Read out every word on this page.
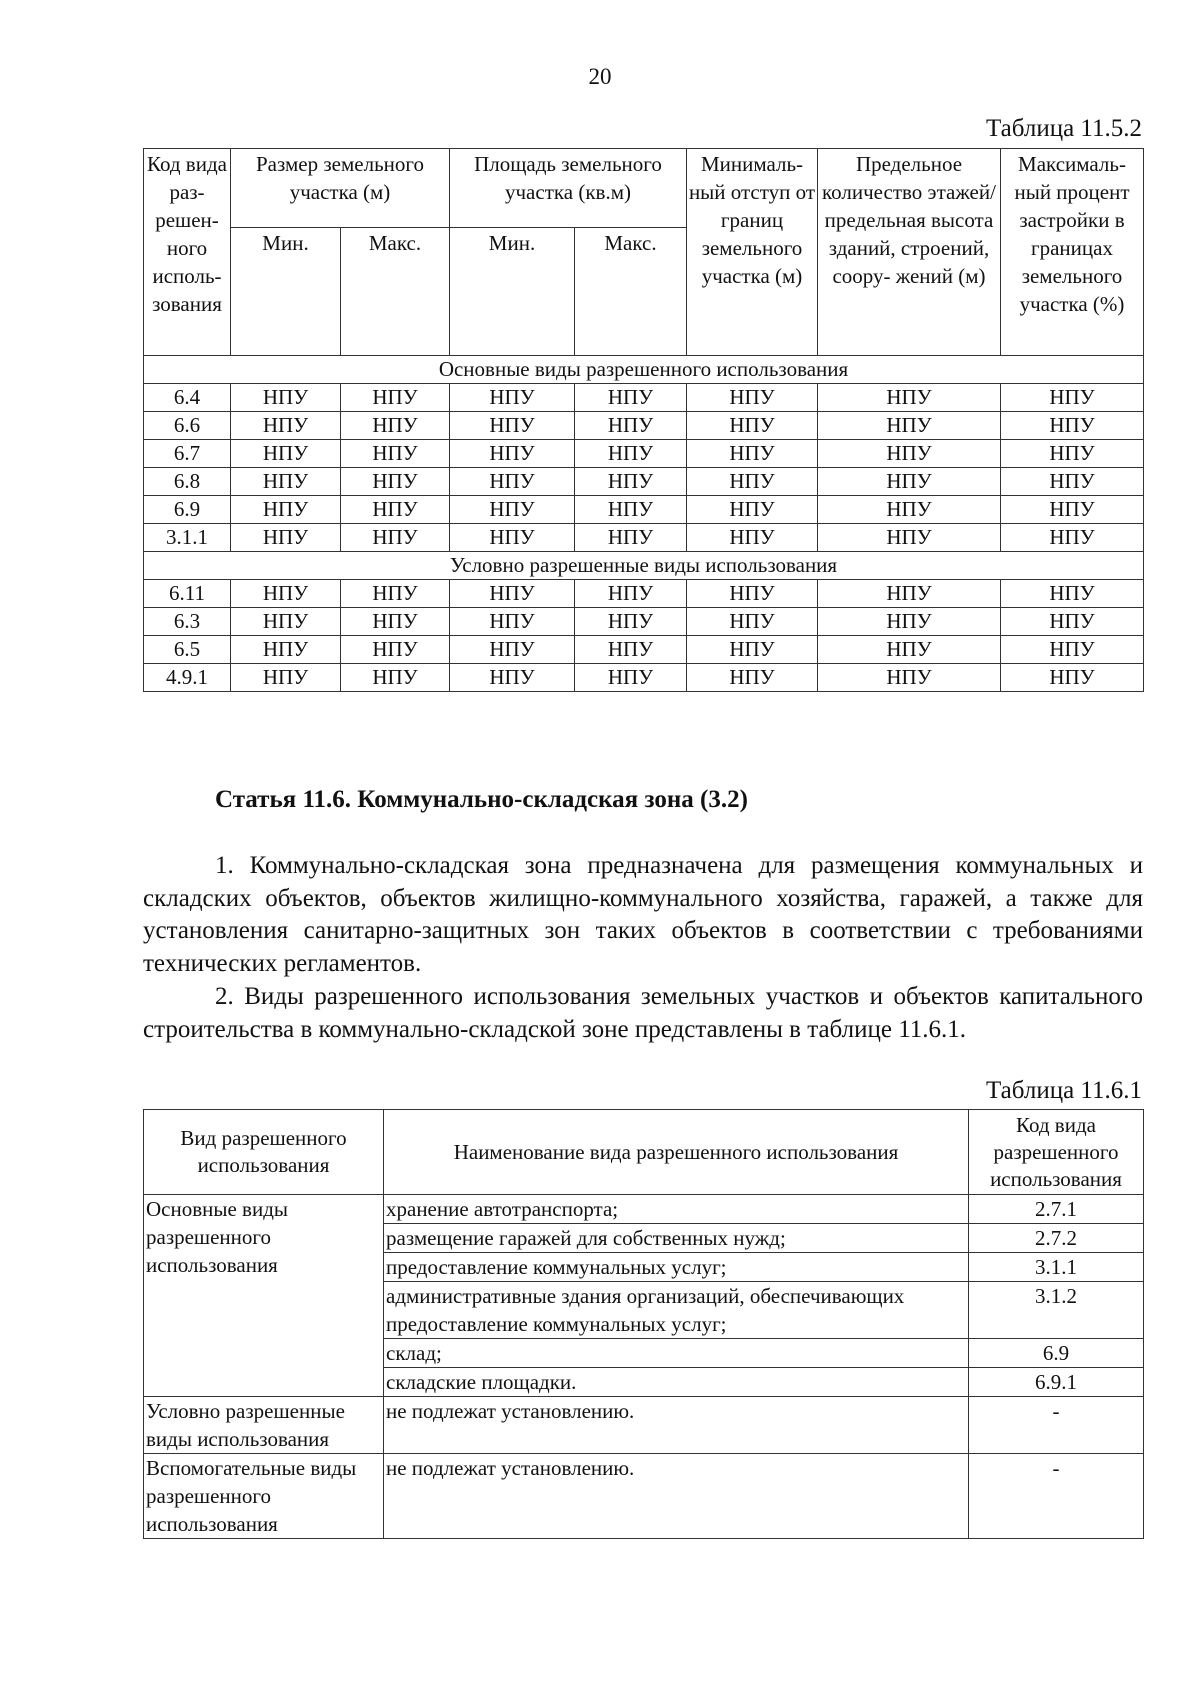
20
Таблица 11.5.2
Код вида раз- решен- ного исполь- зования	Размер земельного участка (м)		Площадь земельного участка (кв.м)		Минималь- ный отступ от границ земельного участка (м)	Предельное количество этажей/ предельная высота зданий, строений, соору- жений (м)	Максималь- ный процент застройки в границах земельного участка (%)
	Мин.	Макс.	Мин.	Макс.			
Основные виды разрешенного использования							
6.4	НПУ	НПУ	НПУ	НПУ	НПУ	НПУ	НПУ
6.6	НПУ	НПУ	НПУ	НПУ	НПУ	НПУ	НПУ
6.7	НПУ	НПУ	НПУ	НПУ	НПУ	НПУ	НПУ
6.8	НПУ	НПУ	НПУ	НПУ	НПУ	НПУ	НПУ
6.9	НПУ	НПУ	НПУ	НПУ	НПУ	НПУ	НПУ
3.1.1	НПУ	НПУ	НПУ	НПУ	НПУ	НПУ	НПУ
Условно разрешенные виды использования							
6.11	НПУ	НПУ	НПУ	НПУ	НПУ	НПУ	НПУ
6.3	НПУ	НПУ	НПУ	НПУ	НПУ	НПУ	НПУ
6.5	НПУ	НПУ	НПУ	НПУ	НПУ	НПУ	НПУ
4.9.1	НПУ	НПУ	НПУ	НПУ	НПУ	НПУ	НПУ
Статья 11.6. Коммунально-складская зона (3.2)

1. Коммунально-складская зона предназначена для размещения коммунальных и складских объектов, объектов жилищно-коммунального хозяйства, гаражей, а также для установления санитарно-защитных зон таких объектов в соответствии с требованиями технических регламентов.

2. Виды разрешенного использования земельных участков и объектов капитального строительства в коммунально-складской зоне представлены в таблице 11.6.1.

Таблица 11.6.1
Вид разрешенного использования	Наименование вида разрешенного использования	Код вида разрешенного использования
Основные виды разрешенного использования	хранение автотранспорта;	2.7.1
	размещение гаражей для собственных нужд;	2.7.2
	предоставление коммунальных услуг;	3.1.1
	административные здания организаций, обеспечивающих предоставление коммунальных услуг;	3.1.2
	склад;	6.9
	складские площадки.	6.9.1
Условно разрешенные виды использования	не подлежат установлению.	-
Вспомогательные виды разрешенного использования	не подлежат установлению.	-
